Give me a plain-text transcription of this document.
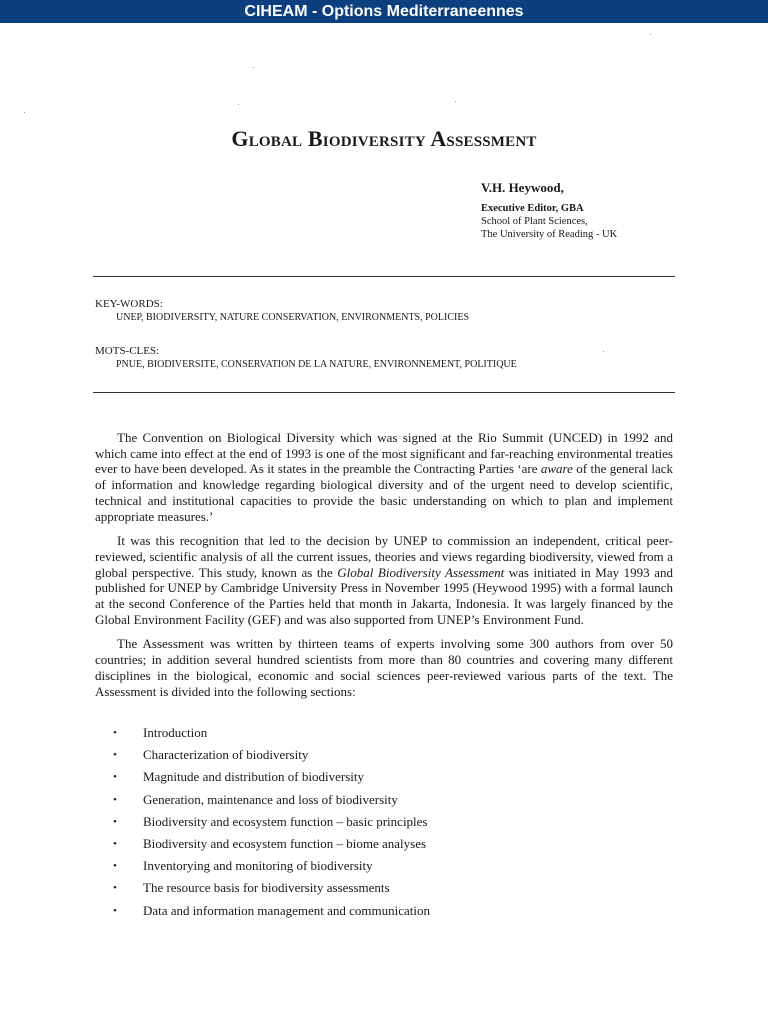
CIHEAM - Options Mediterraneennes
Global Biodiversity Assessment
V.H. Heywood,
Executive Editor, GBA
School of Plant Sciences,
The University of Reading - UK
KEY-WORDS:
UNEP, BIODIVERSITY, NATURE CONSERVATION, ENVIRONMENTS, POLICIES
MOTS-CLES:
PNUE, BIODIVERSITE, CONSERVATION DE LA NATURE, ENVIRONNEMENT, POLITIQUE

The Convention on Biological Diversity which was signed at the Rio Summit (UNCED) in 1992 and which came into effect at the end of 1993 is one of the most significant and far-reaching environmental treaties ever to have been developed. As it states in the preamble the Contracting Parties ‘are aware of the general lack of information and knowledge regarding biological diversity and of the urgent need to develop scientific, technical and institutional capacities to provide the basic understanding on which to plan and implement appropriate measures.’

It was this recognition that led to the decision by UNEP to commission an independent, critical peer-reviewed, scientific analysis of all the current issues, theories and views regarding biodiversity, viewed from a global perspective. This study, known as the Global Biodiversity Assessment was initiated in May 1993 and published for UNEP by Cambridge University Press in November 1995 (Heywood 1995) with a formal launch at the second Conference of the Parties held that month in Jakarta, Indonesia. It was largely financed by the Global Environment Facility (GEF) and was also supported from UNEP’s Environment Fund.

The Assessment was written by thirteen teams of experts involving some 300 authors from over 50 countries; in addition several hundred scientists from more than 80 countries and covering many different disciplines in the biological, economic and social sciences peer-reviewed various parts of the text. The Assessment is divided into the following sections:

• Introduction
• Characterization of biodiversity
• Magnitude and distribution of biodiversity
• Generation, maintenance and loss of biodiversity
• Biodiversity and ecosystem function – basic principles
• Biodiversity and ecosystem function – biome analyses
• Inventorying and monitoring of biodiversity
• The resource basis for biodiversity assessments
• Data and information management and communication
